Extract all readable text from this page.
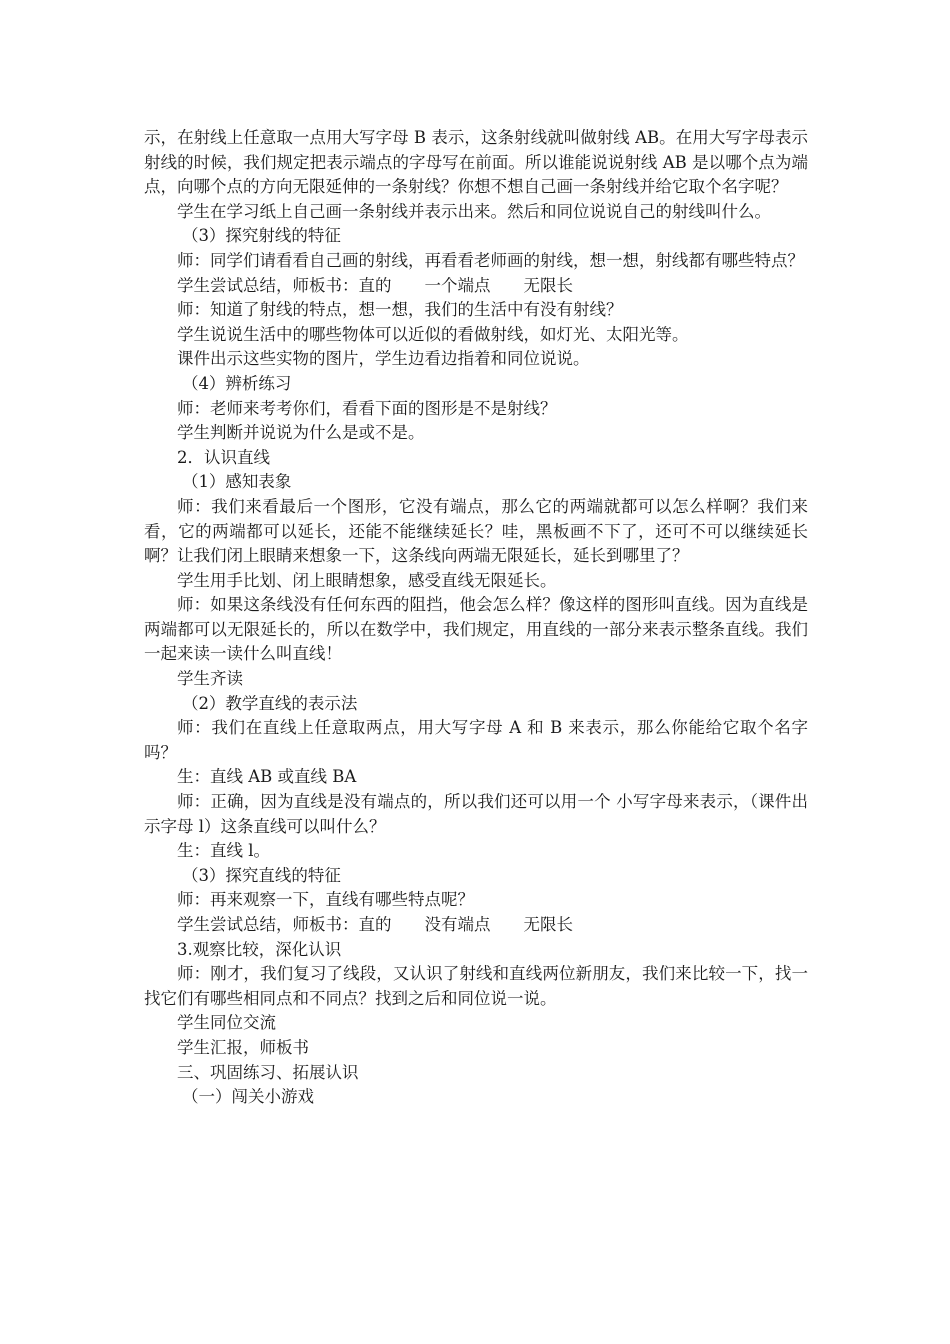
示，在射线上任意取一点用大写字母 B 表示，这条射线就叫做射线 AB。在用大写字母表示射线的时候，我们规定把表示端点的字母写在前面。所以谁能说说射线 AB 是以哪个点为端点，向哪个点的方向无限延伸的一条射线？你想不想自己画一条射线并给它取个名字呢？

学生在学习纸上自己画一条射线并表示出来。然后和同位说说自己的射线叫什么。

（3）探究射线的特征

师：同学们请看看自己画的射线，再看看老师画的射线，想一想，射线都有哪些特点？

学生尝试总结，师板书：直的　　一个端点　　无限长

师：知道了射线的特点，想一想，我们的生活中有没有射线？

学生说说生活中的哪些物体可以近似的看做射线，如灯光、太阳光等。

课件出示这些实物的图片，学生边看边指着和同位说说。

（4）辨析练习

师：老师来考考你们，看看下面的图形是不是射线？

学生判断并说说为什么是或不是。

2．认识直线

（1）感知表象

师：我们来看最后一个图形，它没有端点，那么它的两端就都可以怎么样啊？我们来看，它的两端都可以延长，还能不能继续延长？哇，黑板画不下了，还可不可以继续延长啊？让我们闭上眼睛来想象一下，这条线向两端无限延长，延长到哪里了？

学生用手比划、闭上眼睛想象，感受直线无限延长。

师：如果这条线没有任何东西的阻挡，他会怎么样？像这样的图形叫直线。因为直线是两端都可以无限延长的，所以在数学中，我们规定，用直线的一部分来表示整条直线。我们一起来读一读什么叫直线！

学生齐读

（2）教学直线的表示法

师：我们在直线上任意取两点，用大写字母 A 和 B 来表示，那么你能给它取个名字吗？

生：直线 AB 或直线 BA

师：正确，因为直线是没有端点的，所以我们还可以用一个 小写字母来表示，（课件出示字母 l）这条直线可以叫什么？

生：直线 l。

（3）探究直线的特征

师：再来观察一下，直线有哪些特点呢？

学生尝试总结，师板书：直的　　没有端点　　无限长

3.观察比较，深化认识

师：刚才，我们复习了线段，又认识了射线和直线两位新朋友，我们来比较一下，找一找它们有哪些相同点和不同点？找到之后和同位说一说。

学生同位交流

学生汇报，师板书

三、巩固练习、拓展认识

（一）闯关小游戏
